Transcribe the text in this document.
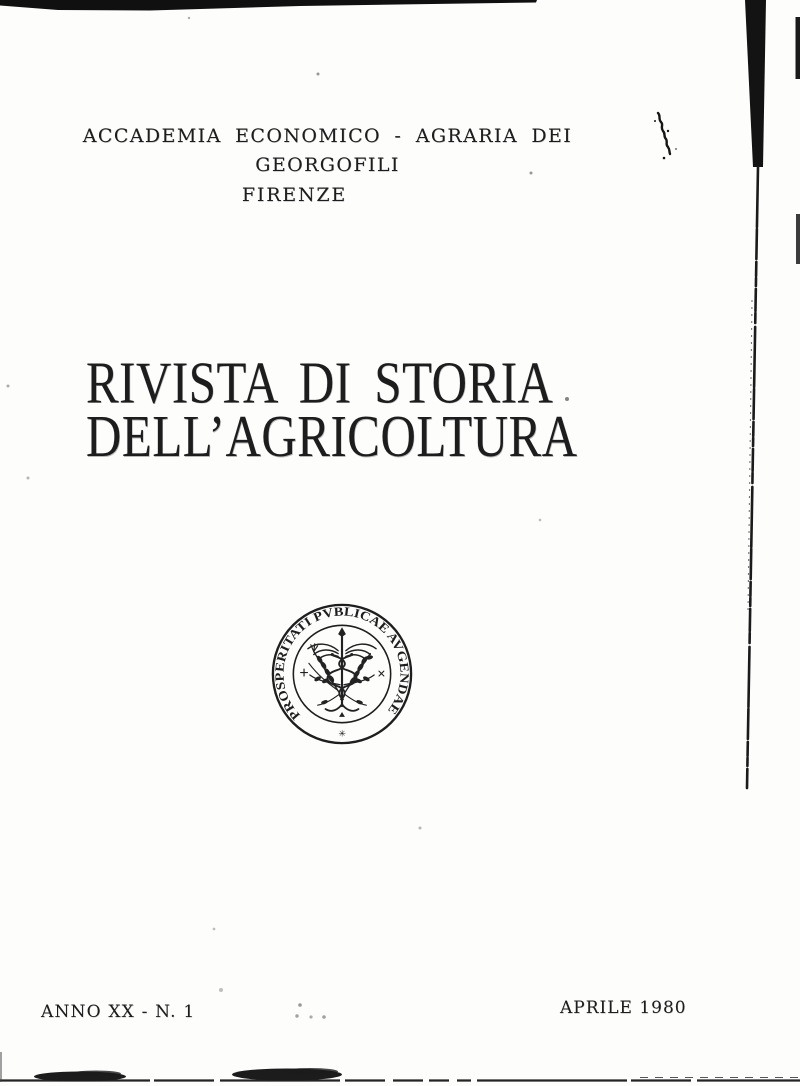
ACCADEMIA ECONOMICO - AGRARIA DEI GEORGOFILI
FIRENZE
RIVISTA DI STORIA
DELL’AGRICOLTURA
PROSPERITATI PVBLICAE AVGENDAE
✳
ANNO XX - N. 1	APRILE 1980
